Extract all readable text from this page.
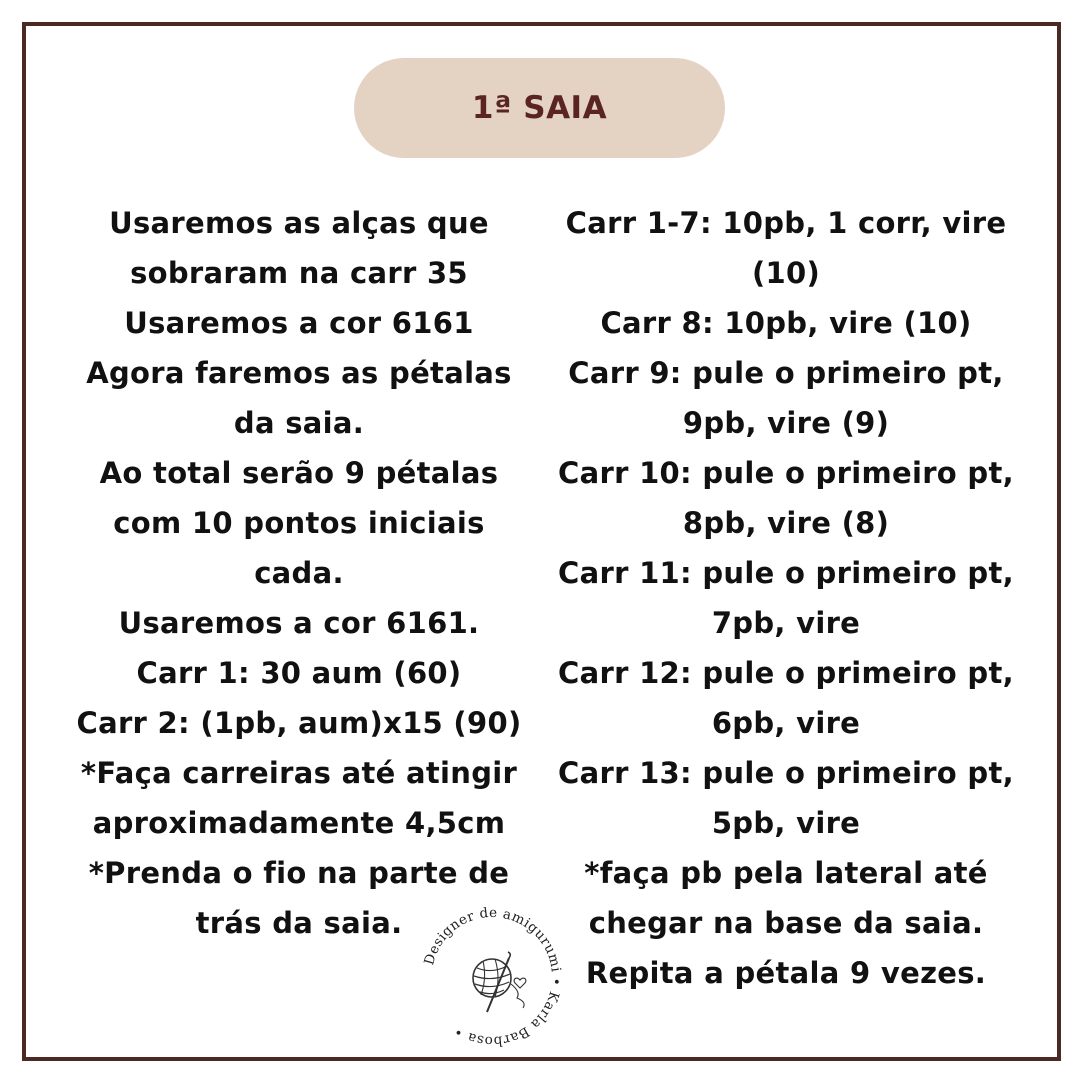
1ª SAIA
Usaremos as alças que
sobraram na carr 35
Usaremos a cor 6161
Agora faremos as pétalas
da saia.
Ao total serão 9 pétalas
com 10 pontos iniciais
cada.
Usaremos a cor 6161.
Carr 1: 30 aum (60)
Carr 2: (1pb, aum)x15 (90)
*Faça carreiras até atingir
aproximadamente 4,5cm
*Prenda o fio na parte de
trás da saia.
Carr 1-7: 10pb, 1 corr, vire
(10)
Carr 8: 10pb, vire (10)
Carr 9: pule o primeiro pt,
9pb, vire (9)
Carr 10: pule o primeiro pt,
8pb, vire (8)
Carr 11: pule o primeiro pt,
7pb, vire
Carr 12: pule o primeiro pt,
6pb, vire
Carr 13: pule o primeiro pt,
5pb, vire
*faça pb pela lateral até
chegar na base da saia.
Repita a pétala 9 vezes.
Designer de amigurumi • Karla Barbosa •
